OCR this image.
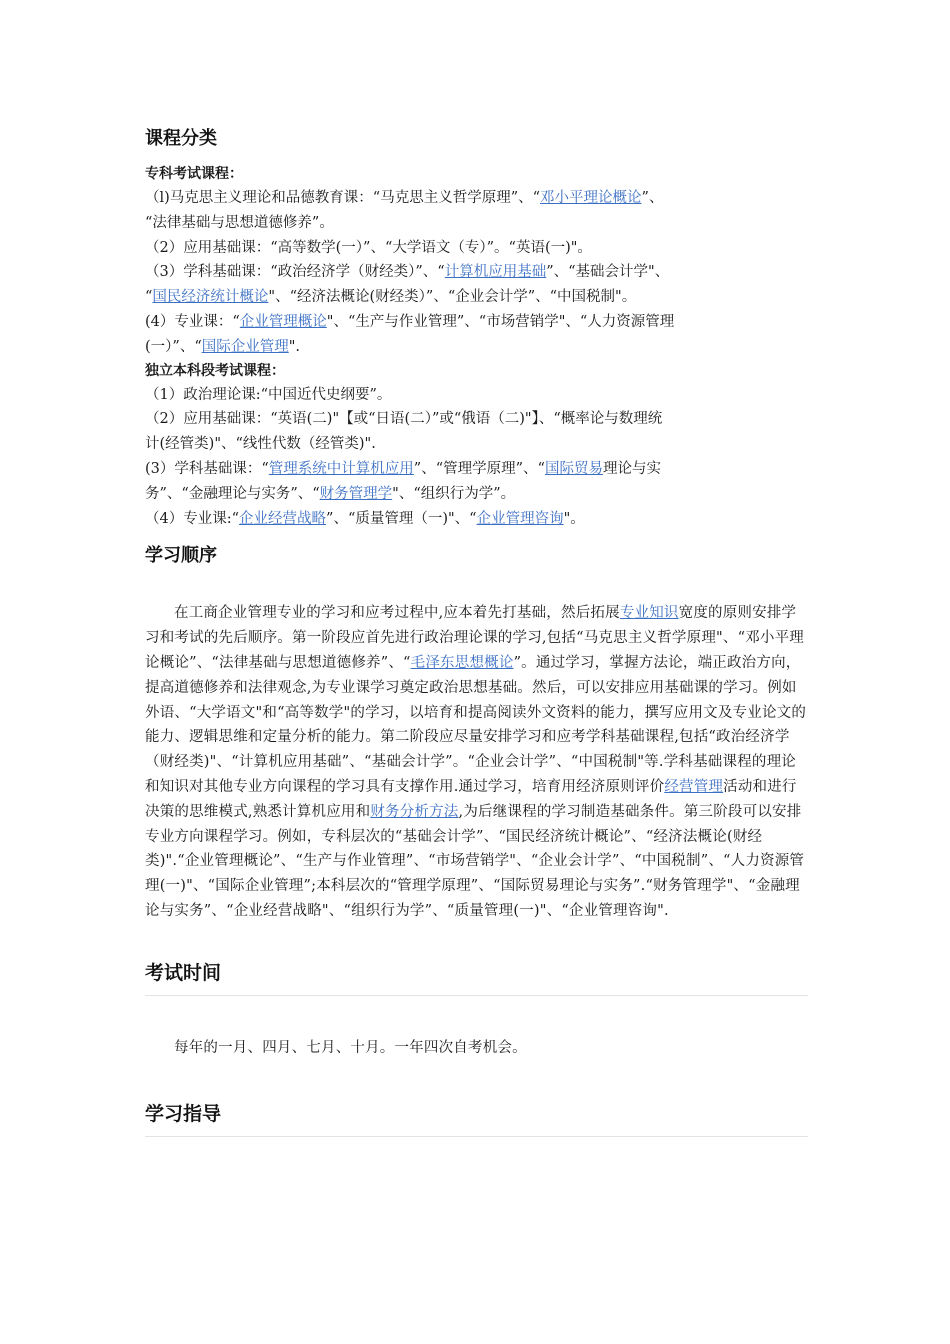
课程分类

专科考试课程：

（l)马克思主义理论和品德教育课：“马克思主义哲学原理”、“邓小平理论概论”、

“法律基础与思想道德修养”。

（2）应用基础课：“高等数学(一）”、“大学语文（专）”。“英语(一)"。

（3）学科基础课：“政治经济学（财经类）”、“计算机应用基础”、“基础会计学"、

“国民经济统计概论"、“经济法概论(财经类）”、“企业会计学”、“中国税制"。

(4）专业课：“企业管理概论"、“生产与作业管理”、“市场营销学"、“人力资源管理

(一）”、“国际企业管理".

独立本科段考试课程：

（1）政治理论课:“中国近代史纲要”。

（2）应用基础课：“英语(二)"【或“日语(二）”或“俄语（二)"】、“概率论与数理统

计(经管类)"、“线性代数（经管类)".

(3）学科基础课：“管理系统中计算机应用”、“管理学原理”、“国际贸易理论与实

务”、“金融理论与实务”、“财务管理学"、“组织行为学”。

（4）专业课:“企业经营战略”、“质量管理（一)"、“企业管理咨询"。

学习顺序

在工商企业管理专业的学习和应考过程中,应本着先打基础，然后拓展专业知识宽度的原则安排学习和考试的先后顺序。第一阶段应首先进行政治理论课的学习,包括“马克思主义哲学原理"、“邓小平理论概论”、“法律基础与思想道德修养”、“毛泽东思想概论”。通过学习，掌握方法论，端正政治方向，提高道德修养和法律观念,为专业课学习奠定政治思想基础。然后，可以安排应用基础课的学习。例如外语、“大学语文"和“高等数学"的学习，以培育和提高阅读外文资料的能力，撰写应用文及专业论文的能力、逻辑思维和定量分析的能力。第二阶段应尽量安排学习和应考学科基础课程,包括“政治经济学（财经类)"、“计算机应用基础”、“基础会计学”。“企业会计学”、“中国税制"等.学科基础课程的理论和知识对其他专业方向课程的学习具有支撑作用.通过学习，培育用经济原则评价经营管理活动和进行决策的思维模式,熟悉计算机应用和财务分析方法,为后继课程的学习制造基础条件。第三阶段可以安排专业方向课程学习。例如，专科层次的“基础会计学”、“国民经济统计概论”、“经济法概论(财经类)".“企业管理概论”、“生产与作业管理”、“市场营销学"、“企业会计学”、“中国税制”、“人力资源管理(一)"、“国际企业管理”;本科层次的“管理学原理”、“国际贸易理论与实务”.“财务管理学"、“金融理论与实务”、“企业经营战略"、“组织行为学”、“质量管理(一)"、“企业管理咨询".

考试时间

每年的一月、四月、七月、十月。一年四次自考机会。

学习指导
